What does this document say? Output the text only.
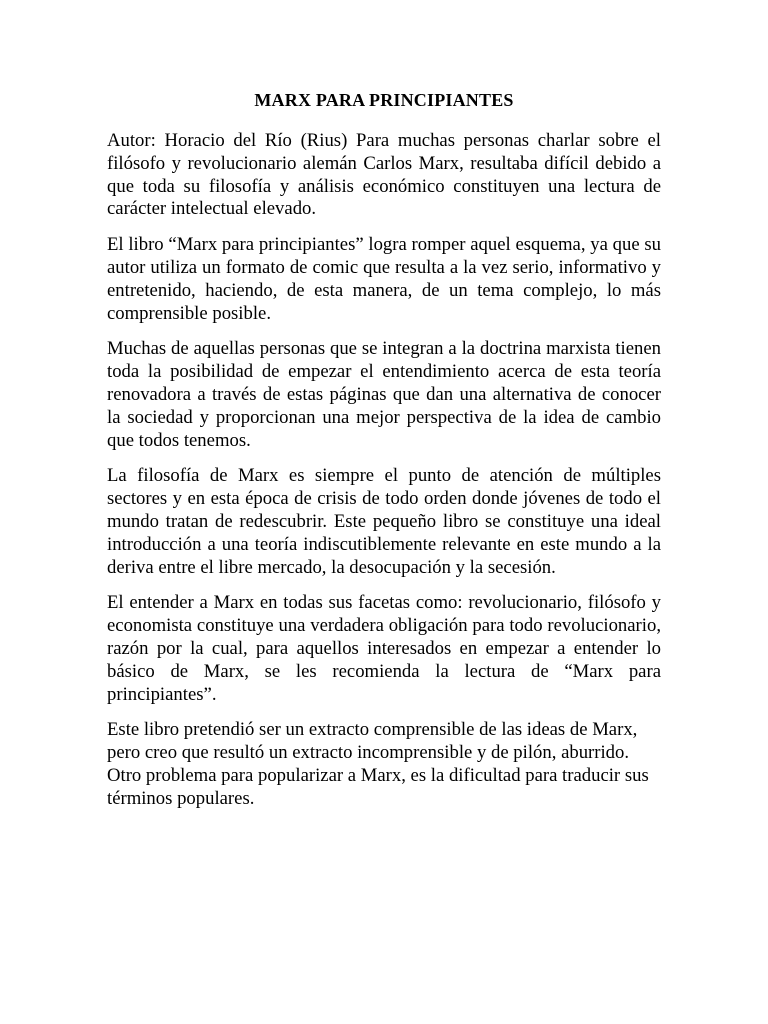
MARX PARA PRINCIPIANTES

Autor: Horacio del Río (Rius) Para muchas personas charlar sobre el filósofo y revolucionario alemán Carlos Marx, resultaba difícil debido a que toda su filosofía y análisis económico constituyen una lectura de carácter intelectual elevado.

El libro “Marx para principiantes” logra romper aquel esquema, ya que su autor utiliza un formato de comic que resulta a la vez serio, informativo y entretenido, haciendo, de esta manera, de un tema complejo, lo más comprensible posible.

Muchas de aquellas personas que se integran a la doctrina marxista tienen toda la posibilidad de empezar el entendimiento acerca de esta teoría renovadora a través de estas páginas que dan una alternativa de conocer la sociedad y proporcionan una mejor perspectiva de la idea de cambio que todos tenemos.

La filosofía de Marx es siempre el punto de atención de múltiples sectores y en esta época de crisis de todo orden donde jóvenes de todo el mundo tratan de redescubrir. Este pequeño libro se constituye una ideal introducción a una teoría indiscutiblemente relevante en este mundo a la deriva entre el libre mercado, la desocupación y la secesión.

El entender a Marx en todas sus facetas como: revolucionario, filósofo y economista constituye una verdadera obligación para todo revolucionario, razón por la cual, para aquellos interesados en empezar a entender lo básico de Marx, se les recomienda la lectura de “Marx para principiantes”.

Este libro pretendió ser un extracto comprensible de las ideas de Marx, pero creo que resultó un extracto incomprensible y de pilón, aburrido.

Otro problema para popularizar a Marx, es la dificultad para traducir sus términos populares.
